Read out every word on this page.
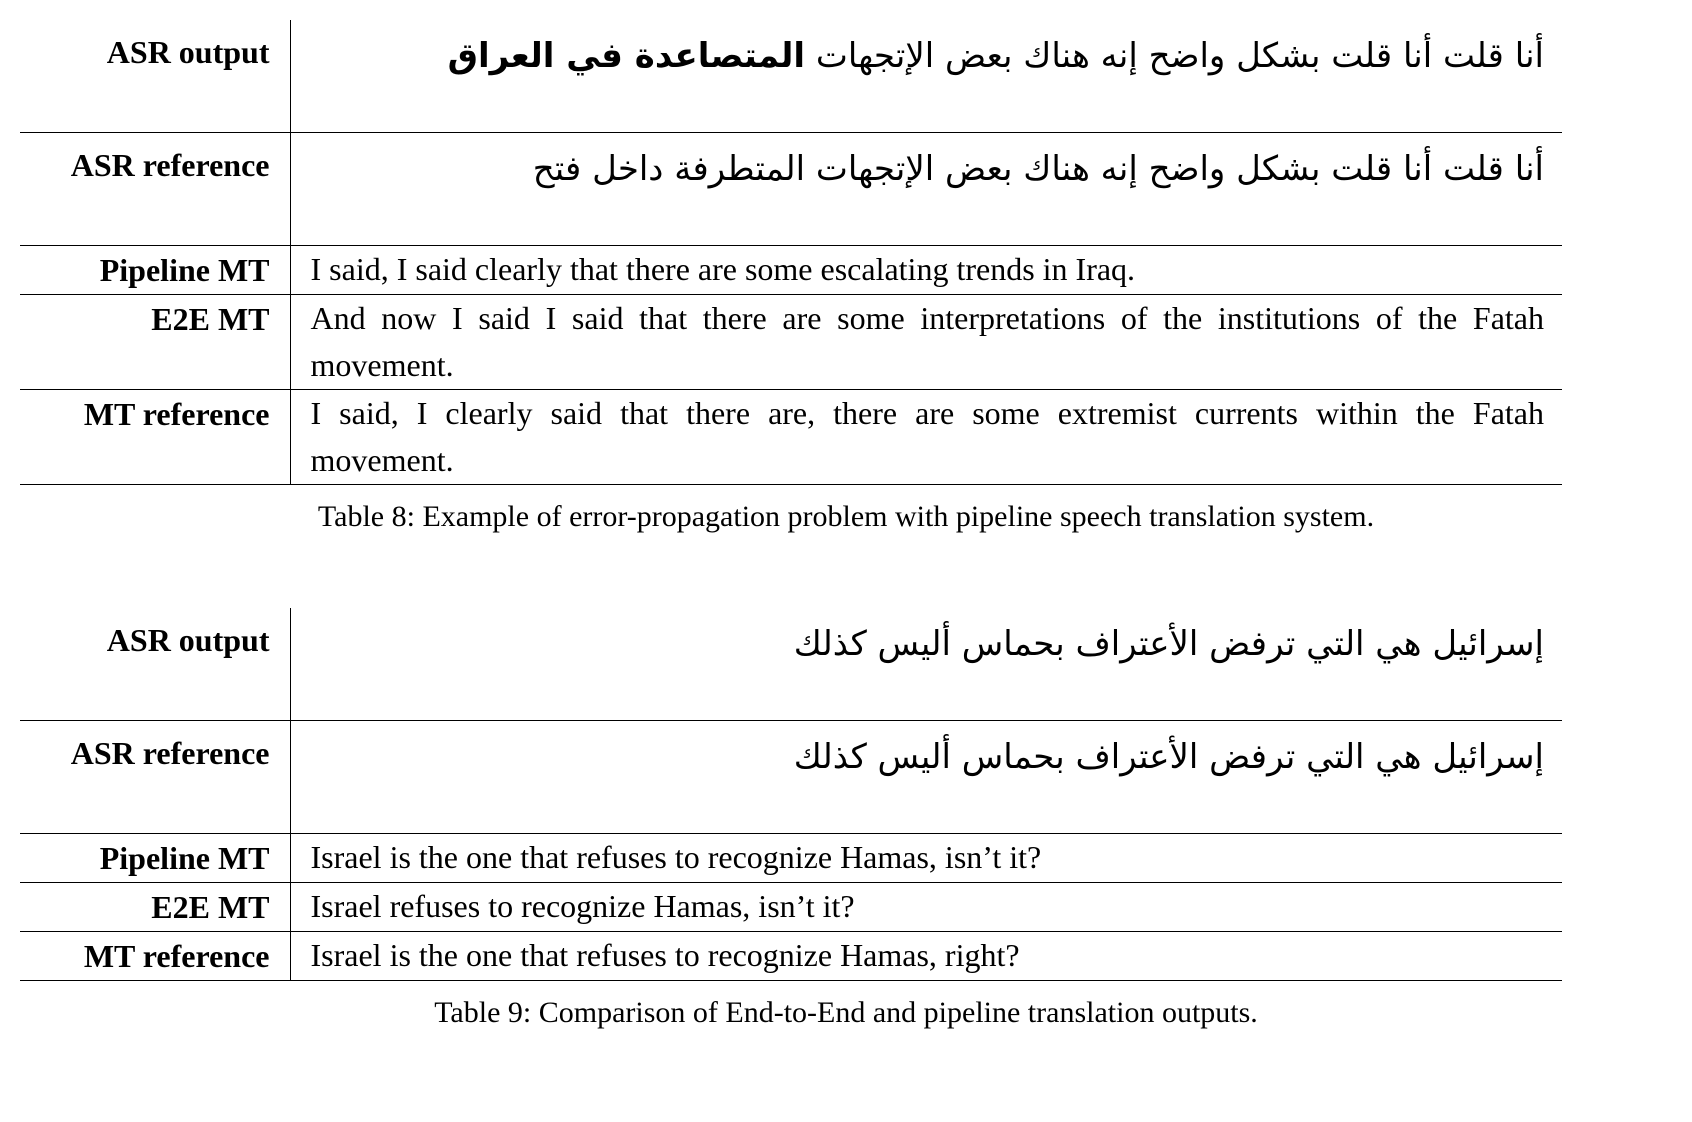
ASR output	أنا قلت أنا قلت بشكل واضح إنه هناك بعض الإتجهات المتصاعدة في العراق
ASR reference	أنا قلت أنا قلت بشكل واضح إنه هناك بعض الإتجهات المتطرفة داخل فتح
Pipeline MT	I said, I said clearly that there are some escalating trends in Iraq.
E2E MT	And now I said I said that there are some interpretations of the institutions of the Fatah movement.
MT reference	I said, I clearly said that there are, there are some extremist currents within the Fatah movement.
Table 8: Example of error-propagation problem with pipeline speech translation system.
ASR output	إسرائيل هي التي ترفض الأعتراف بحماس أليس كذلك
ASR reference	إسرائيل هي التي ترفض الأعتراف بحماس أليس كذلك
Pipeline MT	Israel is the one that refuses to recognize Hamas, isn’t it?
E2E MT	Israel refuses to recognize Hamas, isn’t it?
MT reference	Israel is the one that refuses to recognize Hamas, right?
Table 9: Comparison of End-to-End and pipeline translation outputs.
